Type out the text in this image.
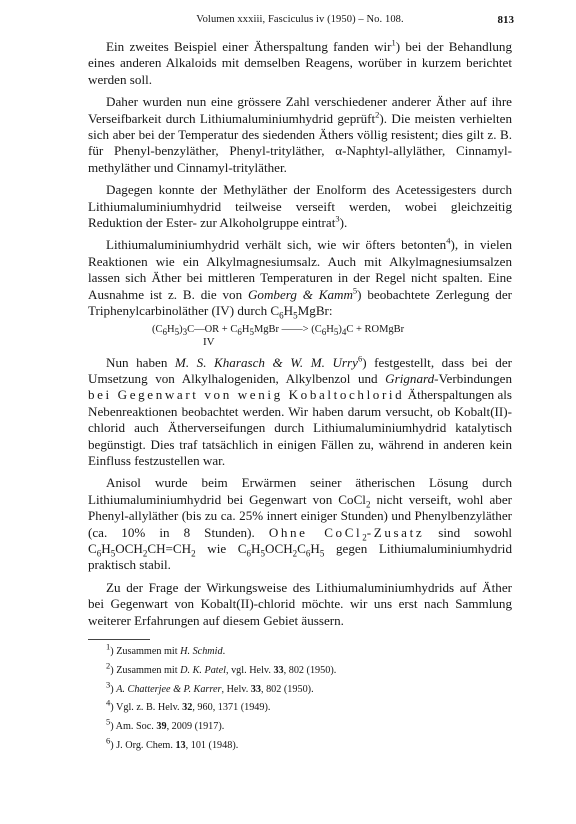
Volumen xxxiii, Fasciculus iv (1950) – No. 108.	813

Ein zweites Beispiel einer Ätherspaltung fanden wir$^1$) bei der Behandlung eines anderen Alkaloids mit demselben Reagens, worüber in kurzem berichtet werden soll.

Daher wurden nun eine grössere Zahl verschiedener anderer Äther auf ihre Verseifbarkeit durch Lithiumaluminiumhydrid geprüft$^2$). Die meisten verhielten sich aber bei der Temperatur des siedenden Äthers völlig resistent; dies gilt z. B. für Phenyl-benzyläther, Phenyl-trityläther, α-Naphtyl-allyläther, Cinnamyl-methyläther und Cinnamyl-trityläther.

Dagegen konnte der Methyläther der Enolform des Acetessigesters durch Lithiumaluminiumhydrid teilweise verseift werden, wobei gleichzeitig Reduktion der Ester- zur Alkoholgruppe eintrat$^3$).

Lithiumaluminiumhydrid verhält sich, wie wir öfters betonten$^4$), in vielen Reaktionen wie ein Alkylmagnesiumsalz. Auch mit Alkylmagnesiumsalzen lassen sich Äther bei mittleren Temperaturen in der Regel nicht spalten. Eine Ausnahme ist z. B. die von Gomberg & Kamm$^5$) beobachtete Zerlegung der Triphenylcarbinoläther (IV) durch $C_6H_5MgBr$:

$(C_6H_5)_3C—OR$ + $C_6H_5MgBr$ ——> $(C_6H_5)_4C$ + ROMgBr
IV

Nun haben M. S. Kharasch & W. M. Urry$^6$) festgestellt, dass bei der Umsetzung von Alkylhalogeniden, Alkylbenzol und Grignard-Verbindungen bei Gegenwart von wenig Kobaltochlorid Ätherspaltungen als Nebenreaktionen beobachtet werden. Wir haben darum versucht, ob Kobalt(II)-chlorid auch Ätherverseifungen durch Lithiumaluminiumhydrid katalytisch begünstigt. Dies traf tatsächlich in einigen Fällen zu, während in anderen kein Einfluss festzustellen war.

Anisol wurde beim Erwärmen seiner ätherischen Lösung durch Lithiumaluminiumhydrid bei Gegenwart von CoCl$_2$ nicht verseift, wohl aber Phenyl-allyläther (bis zu ca. 25% innert einiger Stunden) und Phenylbenzyläther (ca. 10% in 8 Stunden). Ohne CoCl$_2$-Zusatz sind sowohl $C_6H_5OCH_2CH=CH_2$ wie $C_6H_5OCH_2C_6H_5$ gegen Lithiumaluminiumhydrid praktisch stabil.

Zu der Frage der Wirkungsweise des Lithiumaluminiumhydrids auf Äther bei Gegenwart von Kobalt(II)-chlorid möchte. wir uns erst nach Sammlung weiterer Erfahrungen auf diesem Gebiet äussern.

$^1$) Zusammen mit H. Schmid.

$^2$) Zusammen mit D. K. Patel, vgl. Helv. 33, 802 (1950).

$^3$) A. Chatterjee & P. Karrer, Helv. 33, 802 (1950).

$^4$) Vgl. z. B. Helv. 32, 960, 1371 (1949).

$^5$) Am. Soc. 39, 2009 (1917).

$^6$) J. Org. Chem. 13, 101 (1948).
